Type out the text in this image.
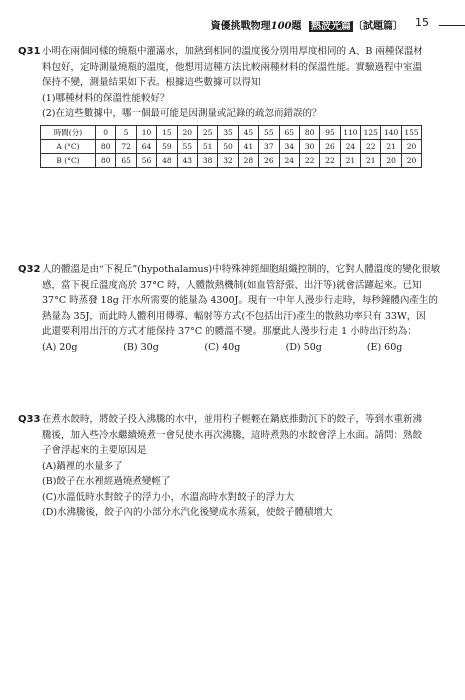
資優挑戰物理100題 熱波光篇 〔試題篇〕 15
Q31 小明在兩個同樣的燒瓶中灌滿水，加熱到相同的溫度後分別用厚度相同的 A、B 兩種保溫材
料包好，定時測量燒瓶的溫度，他想用這種方法比較兩種材料的保溫性能。實驗過程中室溫
保持不變，測量結果如下表。根據這些數據可以得知
(1)哪種材料的保溫性能較好？
(2)在這些數據中，哪一個最可能是因測量或記錄的疏忽而錯誤的？
時間(分)	0	5	10	15	20	25	35	45	55	65	80	95	110	125	140	155
A (°C)	80	72	64	59	55	51	50	41	37	34	30	26	24	22	21	20
B (°C)	80	65	56	48	43	38	32	28	26	24	22	22	21	21	20	20
Q32 人的體溫是由“下視丘”(hypothalamus)中特殊神經細胞組織控制的，它對人體溫度的變化很敏
感，當下視丘溫度高於 37°C 時，人體散熱機制(如血管舒張、出汗等)就會活躍起來。已知
37°C 時蒸發 18g 汗水所需要的能量為 4300J。現有一中年人漫步行走時，每秒鐘體內產生的
熱量為 35J，而此時人體利用傳導、輻射等方式(不包括出汗)產生的散熱功率只有 33W，因
此還要利用出汗的方式才能保持 37°C 的體溫不變。那麼此人漫步行走 1 小時出汗約為：
(A) 20g	(B) 30g	(C) 40g	(D) 50g	(E) 60g
Q33 在煮水餃時，將餃子投入沸騰的水中，並用杓子輕輕在鍋底推動沉下的餃子，等到水重新沸
騰後，加入些冷水繼續燒煮一會兒使水再次沸騰，這時煮熟的水餃會浮上水面。請問：熟餃
子會浮起來的主要原因是
(A)鍋裡的水量多了
(B)餃子在水裡經過燒煮變輕了
(C)水溫低時水對餃子的浮力小，水溫高時水對餃子的浮力大
(D)水沸騰後，餃子內的小部分水汽化後變成水蒸氣，使餃子體積增大
